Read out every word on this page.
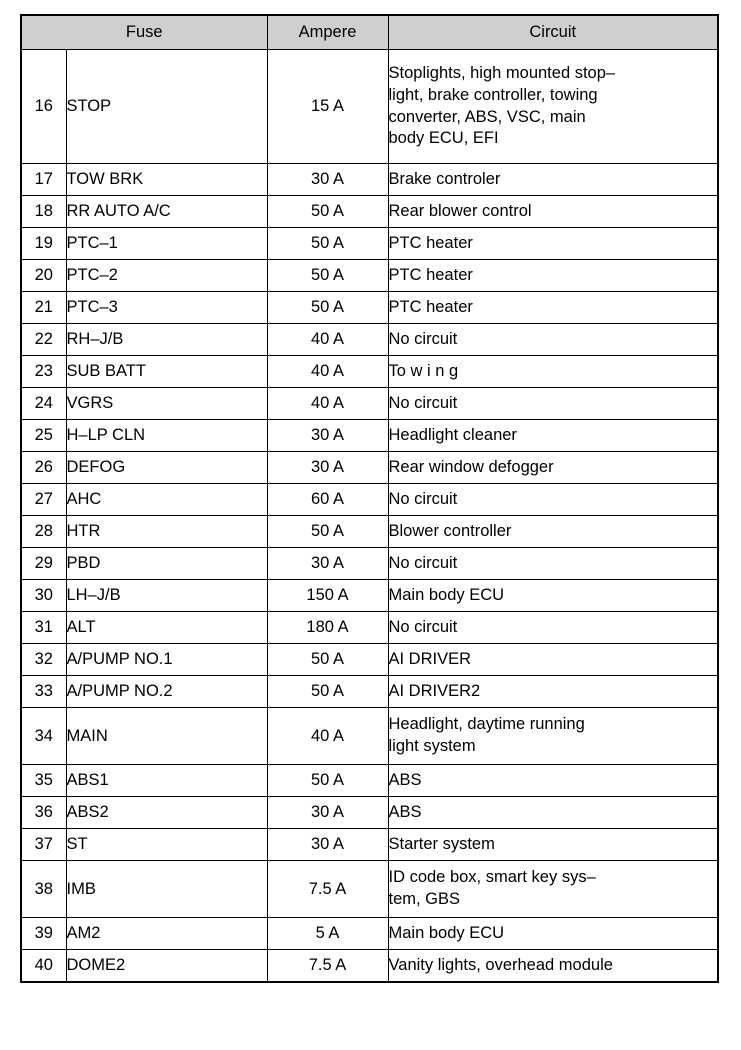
Fuse		Ampere	Circuit
16	STOP	15 A	Stoplights, high mounted stop–
light, brake controller, towing
converter, ABS, VSC, main
body ECU, EFI

17	TOW BRK	30 A	Brake controler

18	RR AUTO A/C	50 A	Rear blower control

19	PTC–1	50 A	PTC heater

20	PTC–2	50 A	PTC heater

21	PTC–3	50 A	PTC heater

22	RH–J/B	40 A	No circuit

23	SUB BATT	40 A	To w i n g

24	VGRS	40 A	No circuit

25	H–LP CLN	30 A	Headlight cleaner

26	DEFOG	30 A	Rear window defogger

27	AHC	60 A	No circuit

28	HTR	50 A	Blower controller

29	PBD	30 A	No circuit

30	LH–J/B	150 A	Main body ECU

31	ALT	180 A	No circuit

32	A/PUMP NO.1	50 A	AI DRIVER

33	A/PUMP NO.2	50 A	AI DRIVER2

34	MAIN	40 A	Headlight, daytime running
light system

35	ABS1	50 A	ABS

36	ABS2	30 A	ABS

37	ST	30 A	Starter system

38	IMB	7.5 A	ID code box, smart key sys–
tem, GBS

39	AM2	5 A	Main body ECU

40	DOME2	7.5 A	Vanity lights, overhead module
